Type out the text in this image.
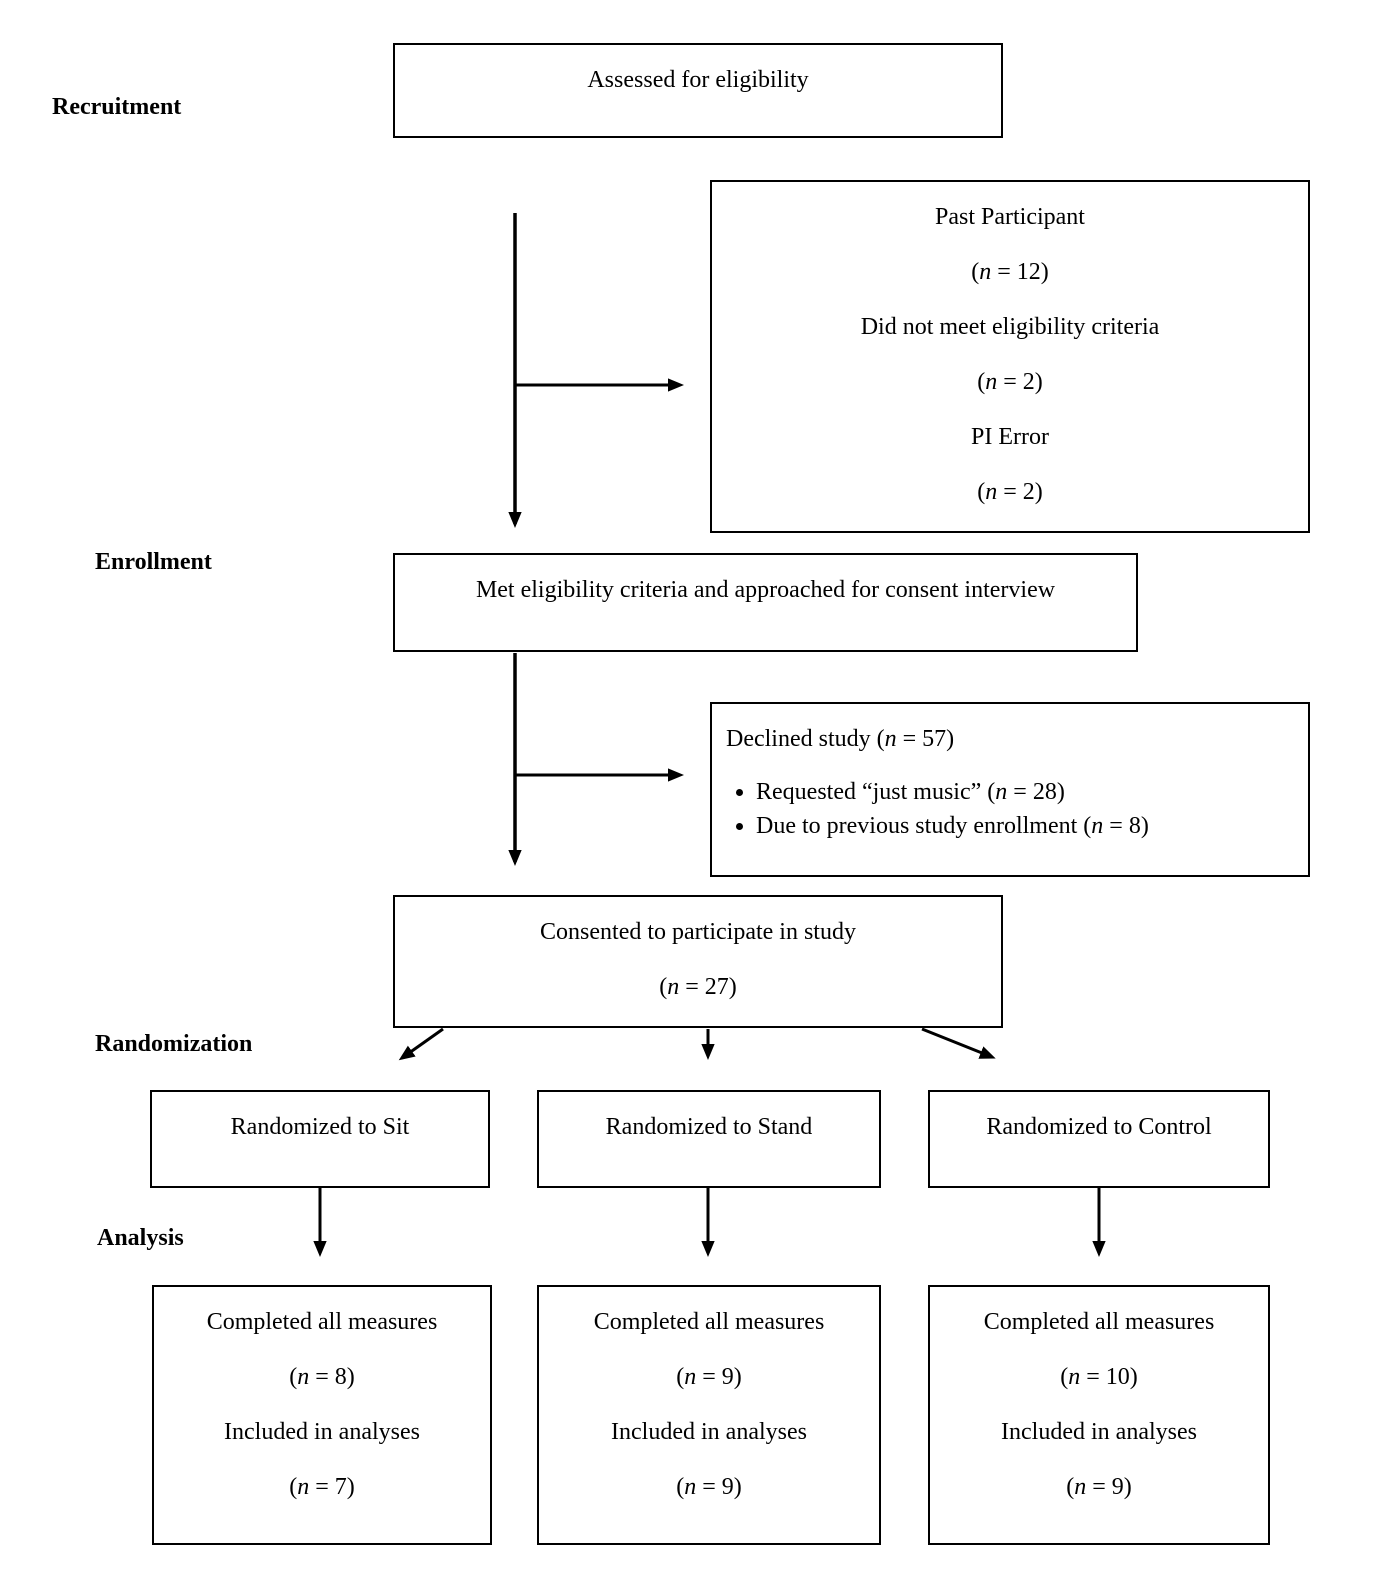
Recruitment
Enrollment
Randomization
Analysis
Assessed for eligibility
Past Participant
(n = 12)
Did not meet eligibility criteria
(n = 2)
PI Error
(n = 2)
Met eligibility criteria and approached for consent interview
Declined study (n = 57)
• Requested “just music” (n = 28)
• Due to previous study enrollment (n = 8)
Consented to participate in study
(n = 27)
Randomized to Sit	Randomized to Stand	Randomized to Control
Completed all measures
(n = 8)
Included in analyses
(n = 7)
Completed all measures
(n = 9)
Included in analyses
(n = 9)
Completed all measures
(n = 10)
Included in analyses
(n = 9)
